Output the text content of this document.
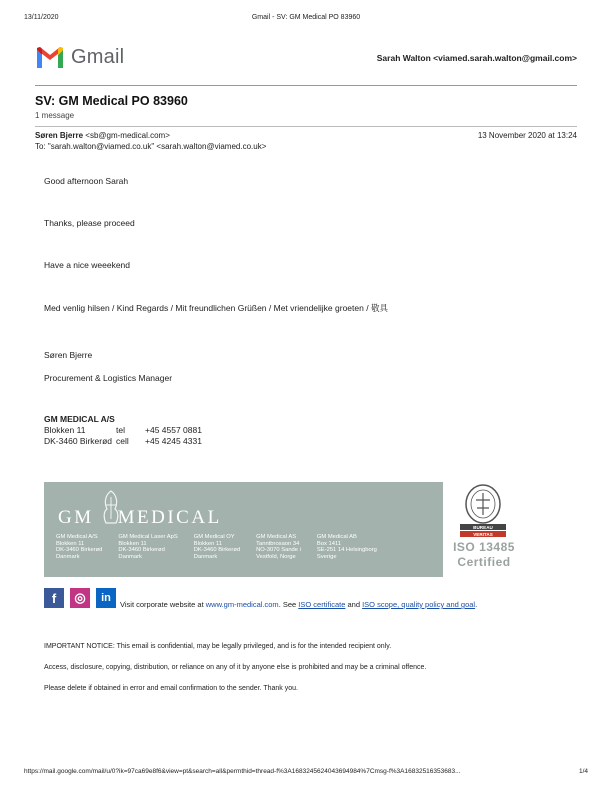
13/11/2020	Gmail - SV: GM Medical PO 83960
Gmail	Sarah Walton <viamed.sarah.walton@gmail.com>
SV: GM Medical PO 83960
1 message
Søren Bjerre <sb@gm-medical.com>	13 November 2020 at 13:24
To: "sarah.walton@viamed.co.uk" <sarah.walton@viamed.co.uk>
Good afternoon Sarah
Thanks, please proceed
Have a nice weeekend
Med venlig hilsen / Kind Regards / Mit freundlichen Grüßen / Met vriendelijke groeten / 敬具
Søren Bjerre
Procurement & Logistics Manager
GM MEDICAL A/S
Blokken 11	tel	+45 4557 0881
DK-3460 Birkerød cell	+45 4245 4331
GM MEDICAL
GM Medical A/S
Blokken 11
DK-3460 Birkerød
Danmark
GM Medical Laser ApS
Blokken 11
DK-3460 Birkerød
Danmark
GM Medical OY
Blokken 11
DK-3460 Birkerød
Danmark
GM Medical AS
Tanntbrosaon 34
NO-3070 Sande i
Vestfold, Norge
GM Medical AB
Box 1411
SE-251 14 Helsingborg
Sverige
BUREAU
VERITAS
ISO 13485
Certified
f	◎	in
Visit corporate website at www.gm-medical.com. See ISO certificate and ISO scope, quality policy and goal.
IMPORTANT NOTICE: This email is confidential, may be legally privileged, and is for the intended recipient only.
Access, disclosure, copying, distribution, or reliance on any of it by anyone else is prohibited and may be a criminal offence.
Please delete if obtained in error and email confirmation to the sender. Thank you.
https://mail.google.com/mail/u/0?ik=97ca69e8f6&view=pt&search=all&permthid=thread-f%3A1683245624043694984%7Cmsg-f%3A16832516353683...	1/4
